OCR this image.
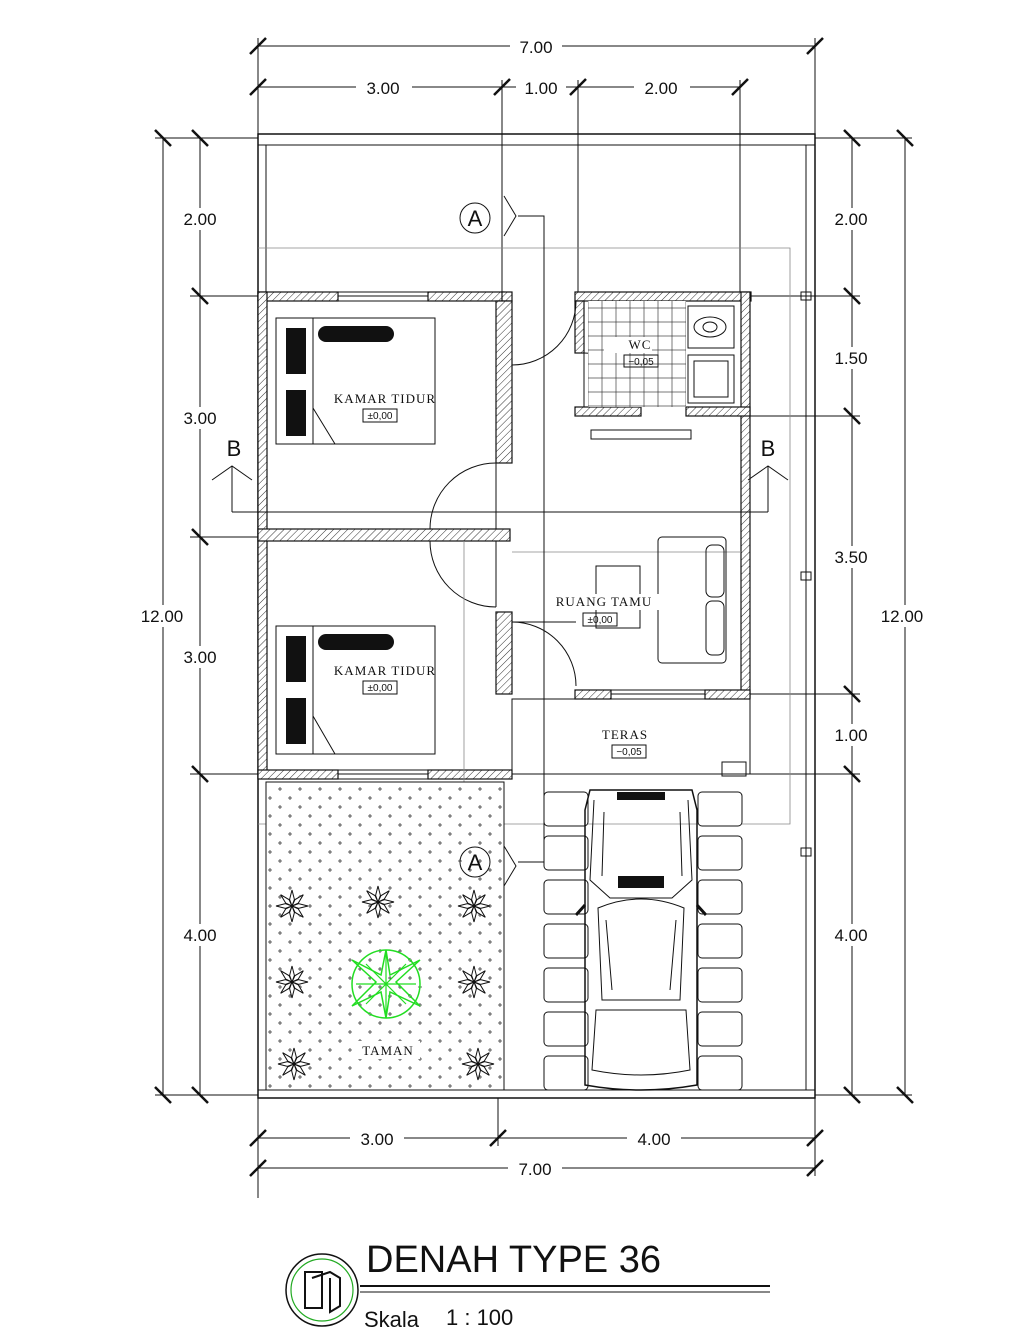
7.00
3.00	1.00	2.00
12.00
2.00
3.00
3.00
4.00
2.00
1.50
3.50
1.00
4.00
12.00
WC
−0,05
KAMAR TIDUR
±0,00
KAMAR TIDUR
±0,00
RUANG TAMU
±0,00
TERAS
−0,05
TAMAN
A
A
B	B
3.00	4.00
7.00
DENAH TYPE 36
Skala 1 : 100
